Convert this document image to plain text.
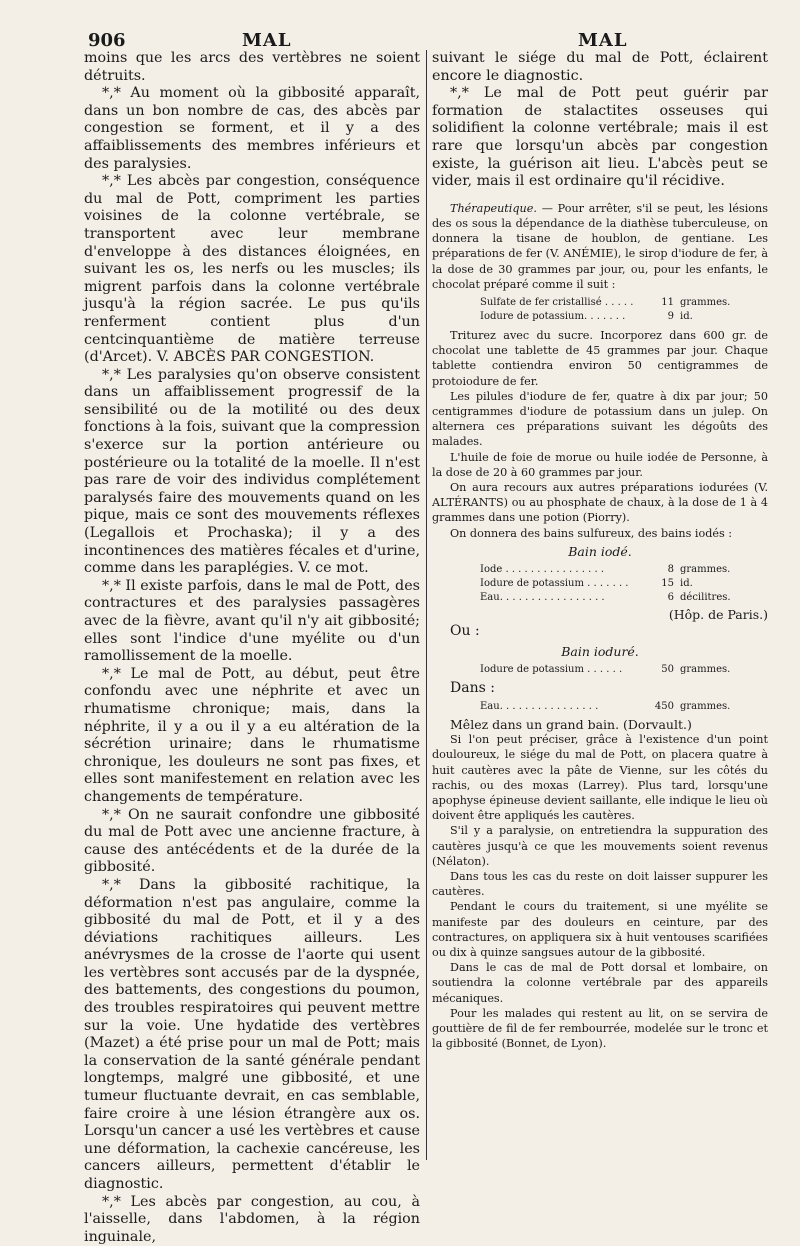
906	MAL	MAL

moins que les arcs des vertèbres ne soient détruits.

*,* Au moment où la gibbosité apparaît, dans un bon nombre de cas, des abcès par congestion se forment, et il y a des affaiblissements des membres inférieurs et des paralysies.

*,* Les abcès par congestion, conséquence du mal de Pott, compriment les parties voisines de la colonne vertébrale, se transportent avec leur membrane d'enveloppe à des distances éloignées, en suivant les os, les nerfs ou les muscles; ils migrent parfois dans la colonne vertébrale jusqu'à la région sacrée. Le pus qu'ils renferment contient plus d'un centcinquantième de matière terreuse (d'Arcet). V. ABCÈS PAR CONGESTION.

*,* Les paralysies qu'on observe consistent dans un affaiblissement progressif de la sensibilité ou de la motilité ou des deux fonctions à la fois, suivant que la compression s'exerce sur la portion antérieure ou postérieure ou la totalité de la moelle. Il n'est pas rare de voir des individus complétement paralysés faire des mouvements quand on les pique, mais ce sont des mouvements réflexes (Legallois et Prochaska); il y a des incontinences des matières fécales et d'urine, comme dans les paraplégies. V. ce mot.

*,* Il existe parfois, dans le mal de Pott, des contractures et des paralysies passagères avec de la fièvre, avant qu'il n'y ait gibbosité; elles sont l'indice d'une myélite ou d'un ramollissement de la moelle.

*,* Le mal de Pott, au début, peut être confondu avec une néphrite et avec un rhumatisme chronique; mais, dans la néphrite, il y a ou il y a eu altération de la sécrétion urinaire; dans le rhumatisme chronique, les douleurs ne sont pas fixes, et elles sont manifestement en relation avec les changements de température.

*,* On ne saurait confondre une gibbosité du mal de Pott avec une ancienne fracture, à cause des antécédents et de la durée de la gibbosité.

*,* Dans la gibbosité rachitique, la déformation n'est pas angulaire, comme la gibbosité du mal de Pott, et il y a des déviations rachitiques ailleurs. Les anévrysmes de la crosse de l'aorte qui usent les vertèbres sont accusés par de la dyspnée, des battements, des congestions du poumon, des troubles respiratoires qui peuvent mettre sur la voie. Une hydatide des vertèbres (Mazet) a été prise pour un mal de Pott; mais la conservation de la santé générale pendant longtemps, malgré une gibbosité, et une tumeur fluctuante devrait, en cas semblable, faire croire à une lésion étrangère aux os. Lorsqu'un cancer a usé les vertèbres et cause une déformation, la cachexie cancéreuse, les cancers ailleurs, permettent d'établir le diagnostic.

*,* Les abcès par congestion, au cou, à l'aisselle, dans l'abdomen, à la région inguinale,

suivant le siége du mal de Pott, éclairent encore le diagnostic.

*,* Le mal de Pott peut guérir par formation de stalactites osseuses qui solidifient la colonne vertébrale; mais il est rare que lorsqu'un abcès par congestion existe, la guérison ait lieu. L'abcès peut se vider, mais il est ordinaire qu'il récidive.

Thérapeutique. — Pour arrêter, s'il se peut, les lésions des os sous la dépendance de la diathèse tuberculeuse, on donnera la tisane de houblon, de gentiane. Les préparations de fer (V. ANÉMIE), le sirop d'iodure de fer, à la dose de 30 grammes par jour, ou, pour les enfants, le chocolat préparé comme il suit :

Sulfate de fer cristallisé . . . . .	11 grammes.
Iodure de potassium. . . . . . .	9 id.

Triturez avec du sucre. Incorporez dans 600 gr. de chocolat une tablette de 45 grammes par jour. Chaque tablette contiendra environ 50 centigrammes de protoiodure de fer.

Les pilules d'iodure de fer, quatre à dix par jour; 50 centigrammes d'iodure de potassium dans un julep. On alternera ces préparations suivant les dégoûts des malades.

L'huile de foie de morue ou huile iodée de Personne, à la dose de 20 à 60 grammes par jour.

On aura recours aux autres préparations iodurées (V. ALTÉRANTS) ou au phosphate de chaux, à la dose de 1 à 4 grammes dans une potion (Piorry).

On donnera des bains sulfureux, des bains iodés :

Bain iodé.
Iode . . . . . . . . . . . . . . . .	8 grammes.
Iodure de potassium . . . . . . .	15 id.
Eau. . . . . . . . . . . . . . . . .	6 décilitres.

(Hôp. de Paris.)

Ou :
Bain ioduré.
Iodure de potassium . . . . . .	50 grammes.
Dans :
Eau. . . . . . . . . . . . . . . .	450 grammes.

Mêlez dans un grand bain. (Dorvault.)

Si l'on peut préciser, grâce à l'existence d'un point douloureux, le siége du mal de Pott, on placera quatre à huit cautères avec la pâte de Vienne, sur les côtés du rachis, ou des moxas (Larrey). Plus tard, lorsqu'une apophyse épineuse devient saillante, elle indique le lieu où doivent être appliqués les cautères.

S'il y a paralysie, on entretiendra la suppuration des cautères jusqu'à ce que les mouvements soient revenus (Nélaton).

Dans tous les cas du reste on doit laisser suppurer les cautères.

Pendant le cours du traitement, si une myélite se manifeste par des douleurs en ceinture, par des contractures, on appliquera six à huit ventouses scarifiées ou dix à quinze sangsues autour de la gibbosité.

Dans le cas de mal de Pott dorsal et lombaire, on soutiendra la colonne vertébrale par des appareils mécaniques.

Pour les malades qui restent au lit, on se servira de gouttière de fil de fer rembourrée, modelée sur le tronc et la gibbosité (Bonnet, de Lyon).
